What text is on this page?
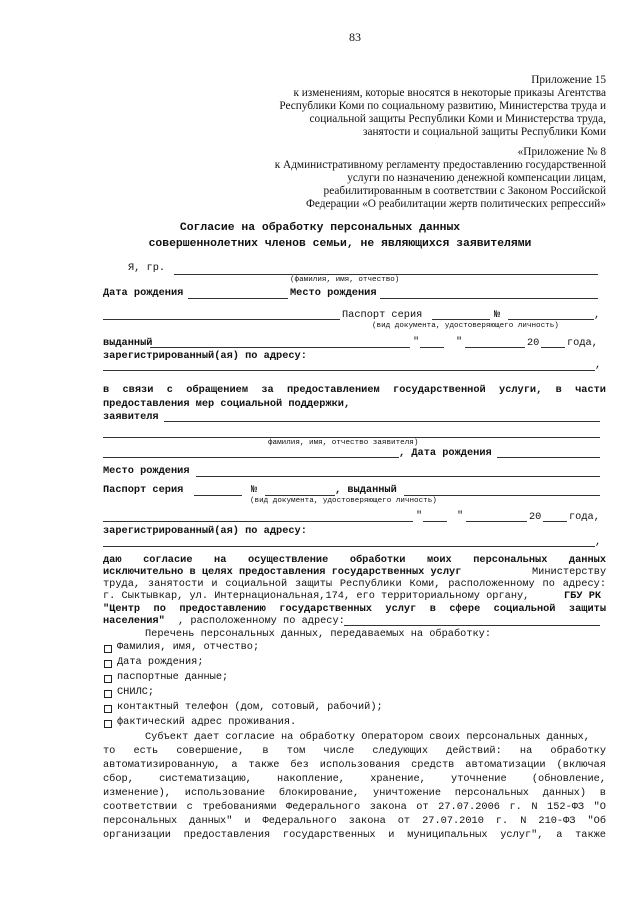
83
Приложение 15
к изменениям, которые вносятся в некоторые приказы Агентства
Республики Коми по социальному развитию, Министерства труда и
социальной защиты Республики Коми и Министерства труда,
занятости и социальной защиты Республики Коми
«Приложение № 8
к Административному регламенту предоставлению государственной
услуги по назначению денежной компенсации лицам,
реабилитированным в соответствии с Законом Российской
Федерации «О реабилитации жертв политических репрессий»
Согласие на обработку персональных данных
совершеннолетних членов семьи, не являющихся заявителями
Я, гр.
(фамилия, имя, отчество)
Дата рождения	Место рождения
Паспорт серия	№	,
(вид документа, удостоверяющего личность)
выданный	"	"	20	года,
зарегистрированный(ая) по адресу:
,
в связи с обращением за предоставлением государственной услуги, в части
предоставления мер социальной поддержки,
заявителя
фамилия, имя, отчество заявителя)
, Дата рождения
Место рождения
Паспорт серия	№	, выданный
(вид документа, удостоверяющего личность)
"	"	20	года,
зарегистрированный(ая) по адресу:
,
даю согласие на осуществление обработки моих персональных данных
исключительно в целях предоставления государственных услуг	Министерству
труда, занятости и социальной защиты Республики Коми, расположенному по адресу:
г. Сыктывкар, ул. Интернациональная,174, его территориальному органу,	ГБУ РК
"Центр по предоставлению государственных услуг в сфере социальной защиты
населения" , расположенному по адресу:
Перечень персональных данных, передаваемых на обработку:
Фамилия, имя, отчество;
Дата рождения;
паспортные данные;
СНИЛС;
контактный телефон (дом, сотовый, рабочий);
фактический адрес проживания.
Субъект дает согласие на обработку Оператором своих персональных данных,
то есть совершение, в том числе следующих действий: на обработку
автоматизированную, а также без использования средств автоматизации (включая
сбор, систематизацию, накопление, хранение, уточнение (обновление,
изменение), использование блокирование, уничтожение персональных данных) в
соответствии с требованиями Федерального закона от 27.07.2006 г. N 152-ФЗ "О
персональных данных" и Федерального закона от 27.07.2010 г. N 210-ФЗ "Об
организации предоставления государственных и муниципальных услуг", а также
